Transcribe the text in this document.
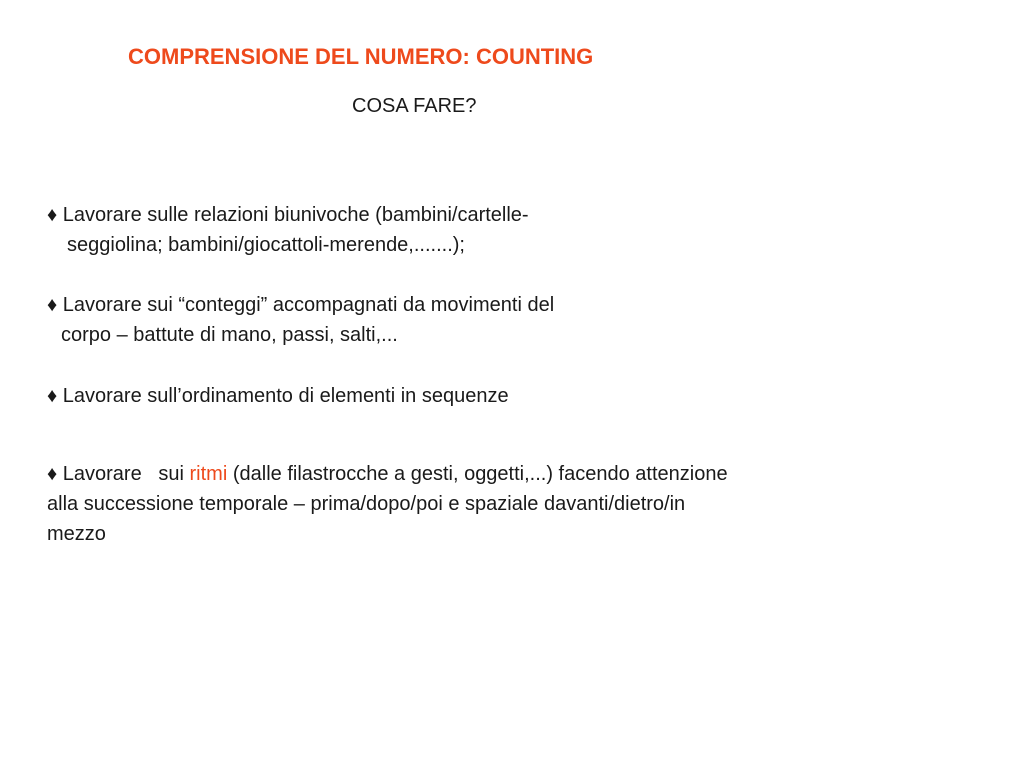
COMPRENSIONE DEL NUMERO: COUNTING
COSA FARE?
♦ Lavorare sulle relazioni biunivoche (bambini/cartelle-
seggiolina; bambini/giocattoli-merende,.......);
♦ Lavorare sui “conteggi” accompagnati da movimenti del
corpo – battute di mano, passi, salti,...
♦ Lavorare sull’ordinamento di elementi in sequenze
♦ Lavorare   sui ritmi (dalle filastrocche a gesti, oggetti,...) facendo attenzione
alla successione temporale – prima/dopo/poi e spaziale davanti/dietro/in
mezzo
